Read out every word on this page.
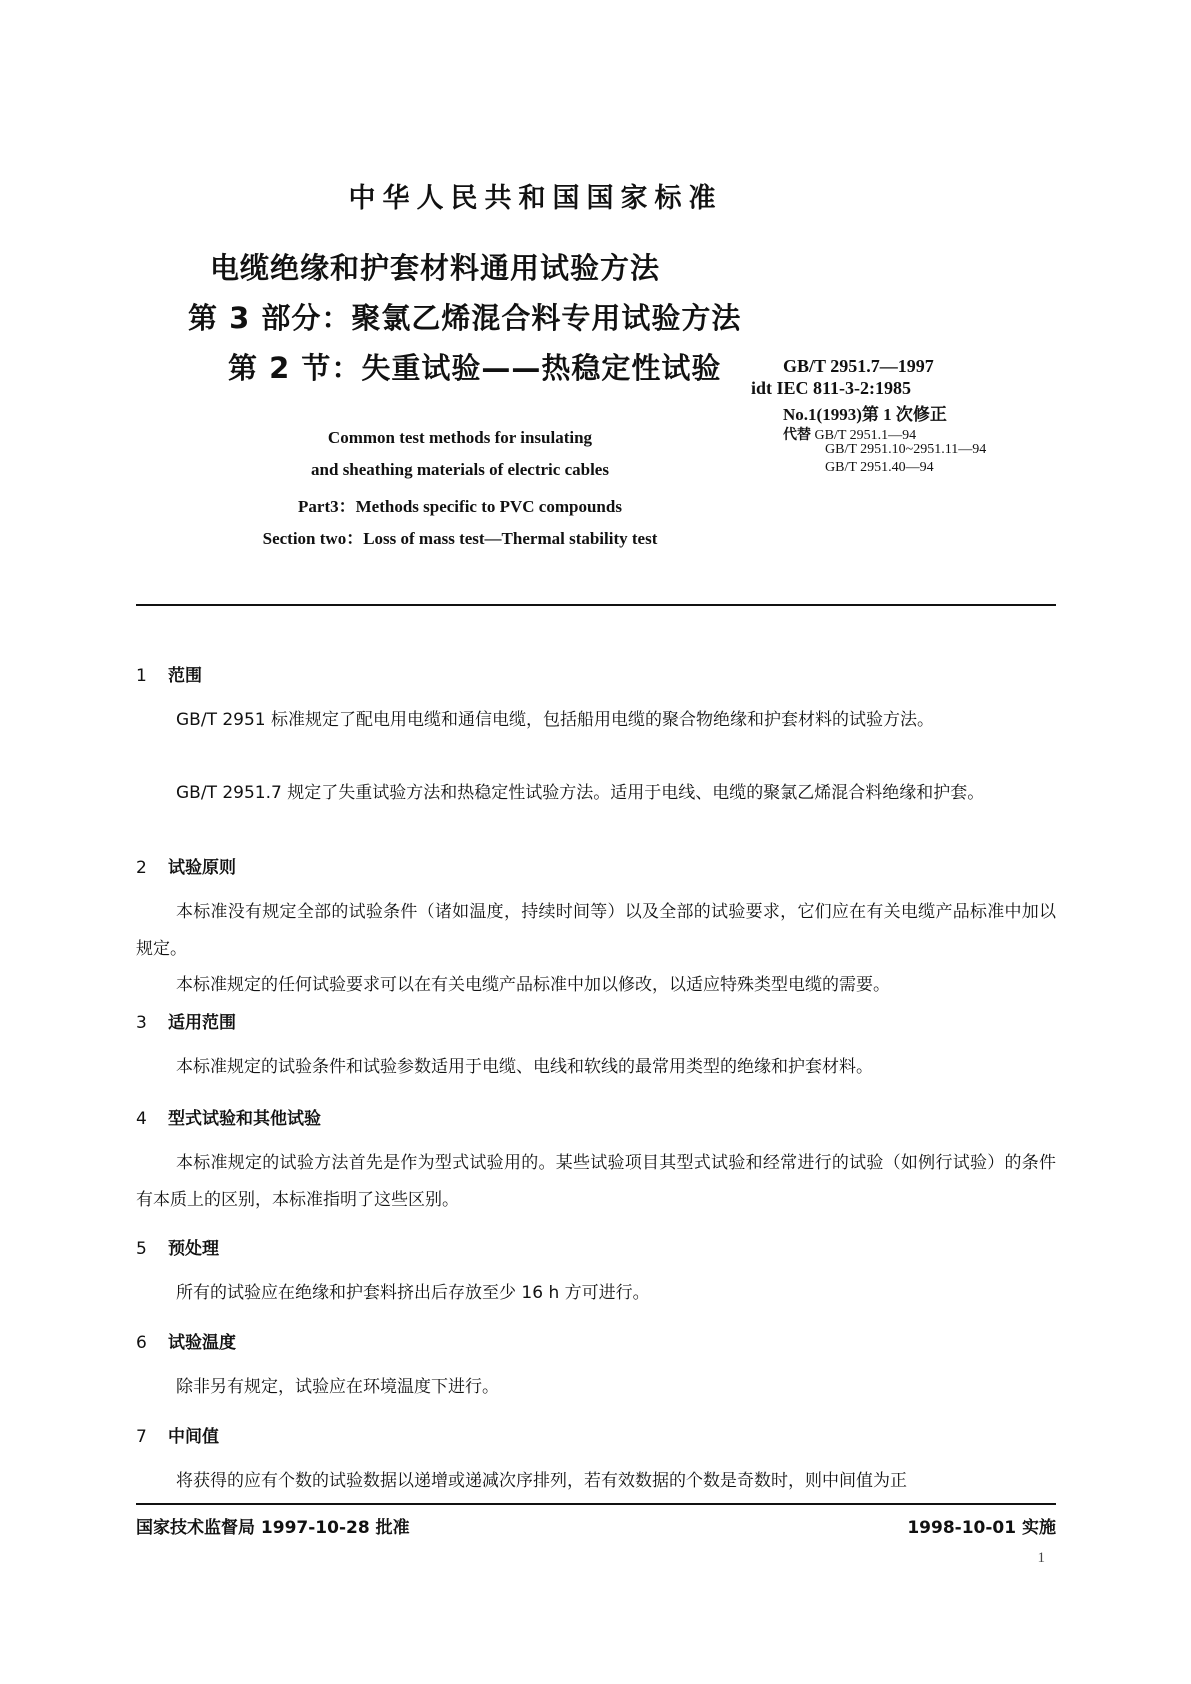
中华人民共和国国家标准
电缆绝缘和护套材料通用试验方法
第 3 部分：聚氯乙烯混合料专用试验方法
第 2 节：失重试验——热稳定性试验	GB/T 2951.7—1997
idt IEC 811-3-2:1985
No.1(1993)第 1 次修正
代替 GB/T 2951.1—94
GB/T 2951.10~2951.11—94
GB/T 2951.40—94
Common test methods for insulating
and sheathing materials of electric cables
Part3：Methods specific to PVC compounds
Section two：Loss of mass test—Thermal stability test
1 范围
GB/T 2951 标准规定了配电用电缆和通信电缆，包括船用电缆的聚合物绝缘和护套材料的试验方法。
GB/T 2951.7 规定了失重试验方法和热稳定性试验方法。适用于电线、电缆的聚氯乙烯混合料绝缘和护套。
2 试验原则
本标准没有规定全部的试验条件（诸如温度，持续时间等）以及全部的试验要求，它们应在有关电缆产品标准中加以规定。
本标准规定的任何试验要求可以在有关电缆产品标准中加以修改，以适应特殊类型电缆的需要。
3 适用范围
本标准规定的试验条件和试验参数适用于电缆、电线和软线的最常用类型的绝缘和护套材料。
4 型式试验和其他试验
本标准规定的试验方法首先是作为型式试验用的。某些试验项目其型式试验和经常进行的试验（如例行试验）的条件有本质上的区别，本标准指明了这些区别。
5 预处理
所有的试验应在绝缘和护套料挤出后存放至少 16 h 方可进行。
6 试验温度
除非另有规定，试验应在环境温度下进行。
7 中间值
将获得的应有个数的试验数据以递增或递减次序排列，若有效数据的个数是奇数时，则中间值为正
国家技术监督局 1997-10-28 批准	1998-10-01 实施
1
